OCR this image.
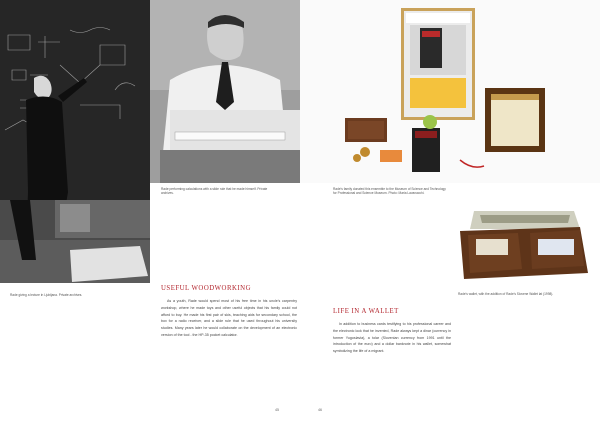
Rade giving a lecture in Ljubljana. Private archives.
Rade performing calculations with a slide rule that he made himself. Private archives.
Rade's family donated this ensemble to the Museum of Science and Technology for Professional and Science Museum. Photo: Maria Lavanacchi.
Rade's wallet, with the addition of Rade's Slovene Wallet lat (1998).
USEFUL WOODWORKING

As a youth, Rade would spend most of his free time in his uncle's carpentry workshop, where he made toys and other useful objects that his family could not afford to buy. He made his first pair of skis, teaching aids for secondary school, the box for a radio receiver, and a slide rule that he used throughout his university studies. Many years later he would collaborate on the development of an electronic version of the tool - the HP-35 pocket calculator.

LIFE IN A WALLET

In addition to business cards testifying to his professional career and the electronic lock that he invented, Rade always kept a dinar (currency in former Yugoslavia), a tolar (Slovenian currency from 1991 until the introduction of the euro) and a dollar banknote in his wallet, somewhat symbolizing the life of a migrant.

45	46
